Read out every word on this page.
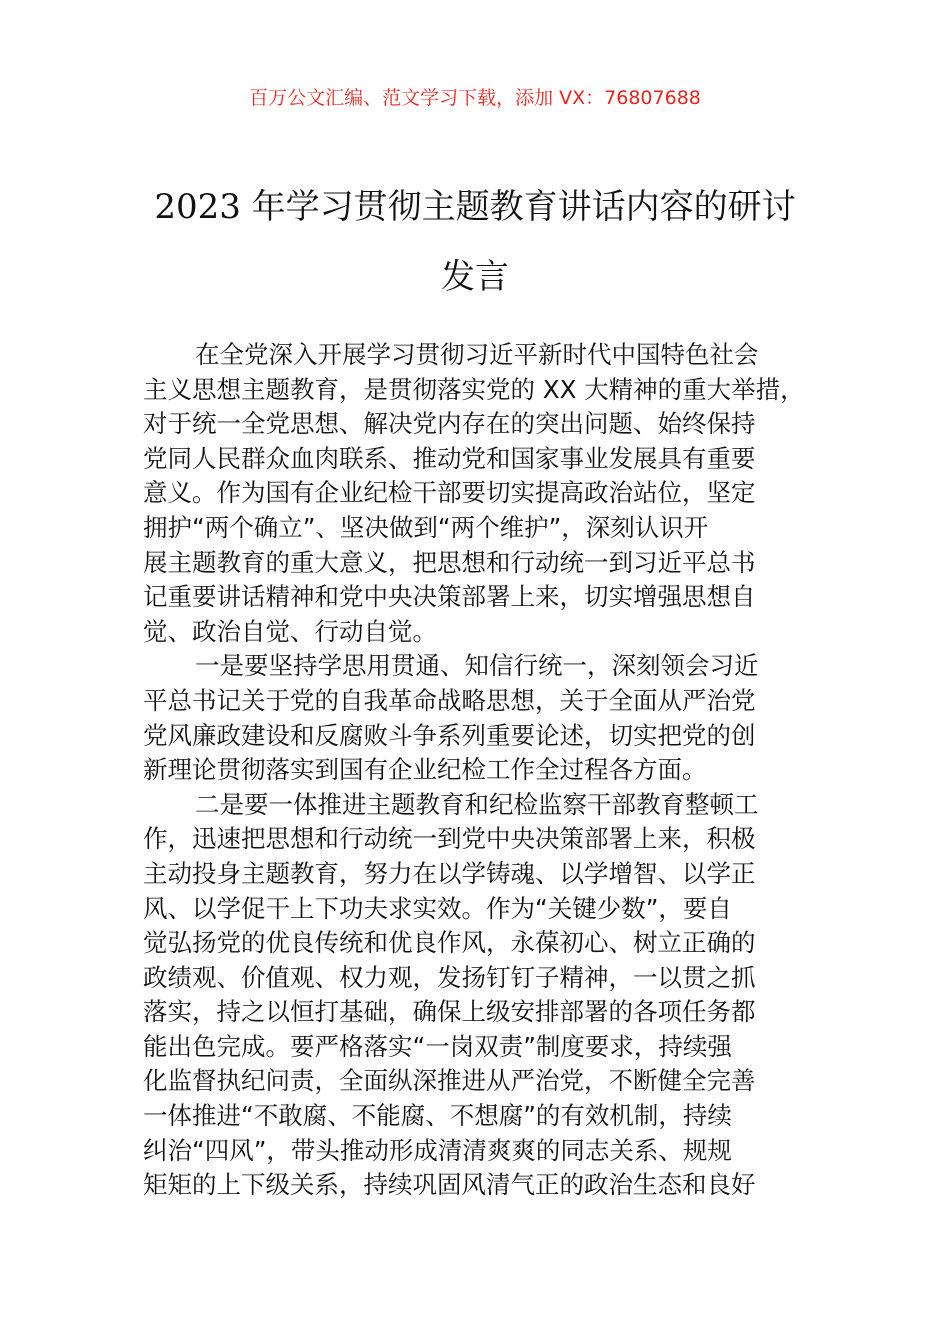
百万公文汇编、范文学习下载，添加 VX：76807688
2023 年学习贯彻主题教育讲话内容的研讨
发言
在全党深入开展学习贯彻习近平新时代中国特色社会
主义思想主题教育，是贯彻落实党的 XX 大精神的重大举措，
对于统一全党思想、解决党内存在的突出问题、始终保持
党同人民群众血肉联系、推动党和国家事业发展具有重要
意义。作为国有企业纪检干部要切实提高政治站位，坚定
拥护“两个确立”、坚决做到“两个维护”，深刻认识开
展主题教育的重大意义，把思想和行动统一到习近平总书
记重要讲话精神和党中央决策部署上来，切实增强思想自
觉、政治自觉、行动自觉。
一是要坚持学思用贯通、知信行统一，深刻领会习近
平总书记关于党的自我革命战略思想，关于全面从严治党
党风廉政建设和反腐败斗争系列重要论述，切实把党的创
新理论贯彻落实到国有企业纪检工作全过程各方面。
二是要一体推进主题教育和纪检监察干部教育整顿工
作，迅速把思想和行动统一到党中央决策部署上来，积极
主动投身主题教育，努力在以学铸魂、以学增智、以学正
风、以学促干上下功夫求实效。作为“关键少数”，要自
觉弘扬党的优良传统和优良作风，永葆初心、树立正确的
政绩观、价值观、权力观，发扬钉钉子精神，一以贯之抓
落实，持之以恒打基础，确保上级安排部署的各项任务都
能出色完成。要严格落实“一岗双责”制度要求，持续强
化监督执纪问责，全面纵深推进从严治党，不断健全完善
一体推进“不敢腐、不能腐、不想腐”的有效机制，持续
纠治“四风”，带头推动形成清清爽爽的同志关系、规规
矩矩的上下级关系，持续巩固风清气正的政治生态和良好
